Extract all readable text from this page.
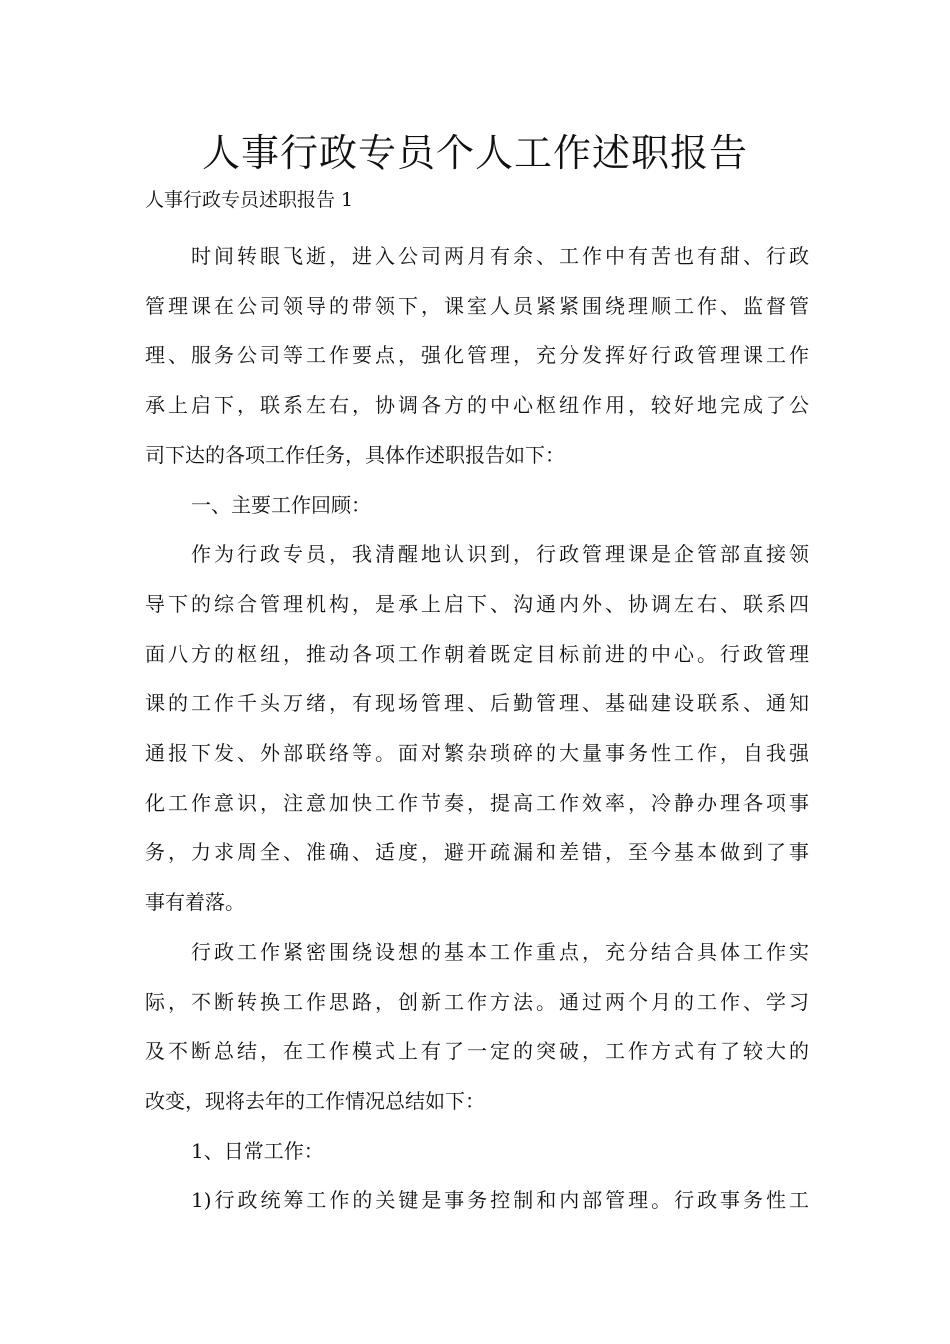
人事行政专员个人工作述职报告

人事行政专员述职报告 1

时间转眼飞逝，进入公司两月有余、工作中有苦也有甜、行政
管理课在公司领导的带领下，课室人员紧紧围绕理顺工作、监督管
理、服务公司等工作要点，强化管理，充分发挥好行政管理课工作
承上启下，联系左右，协调各方的中心枢纽作用，较好地完成了公
司下达的各项工作任务，具体作述职报告如下：

一、主要工作回顾：

作为行政专员，我清醒地认识到，行政管理课是企管部直接领
导下的综合管理机构，是承上启下、沟通内外、协调左右、联系四
面八方的枢纽，推动各项工作朝着既定目标前进的中心。行政管理
课的工作千头万绪，有现场管理、后勤管理、基础建设联系、通知
通报下发、外部联络等。面对繁杂琐碎的大量事务性工作，自我强
化工作意识，注意加快工作节奏，提高工作效率，冷静办理各项事
务，力求周全、准确、适度，避开疏漏和差错，至今基本做到了事
事有着落。

行政工作紧密围绕设想的基本工作重点，充分结合具体工作实
际，不断转换工作思路，创新工作方法。通过两个月的工作、学习
及不断总结，在工作模式上有了一定的突破，工作方式有了较大的
改变，现将去年的工作情况总结如下：

1、日常工作：

1)行政统筹工作的关键是事务控制和内部管理。行政事务性工
